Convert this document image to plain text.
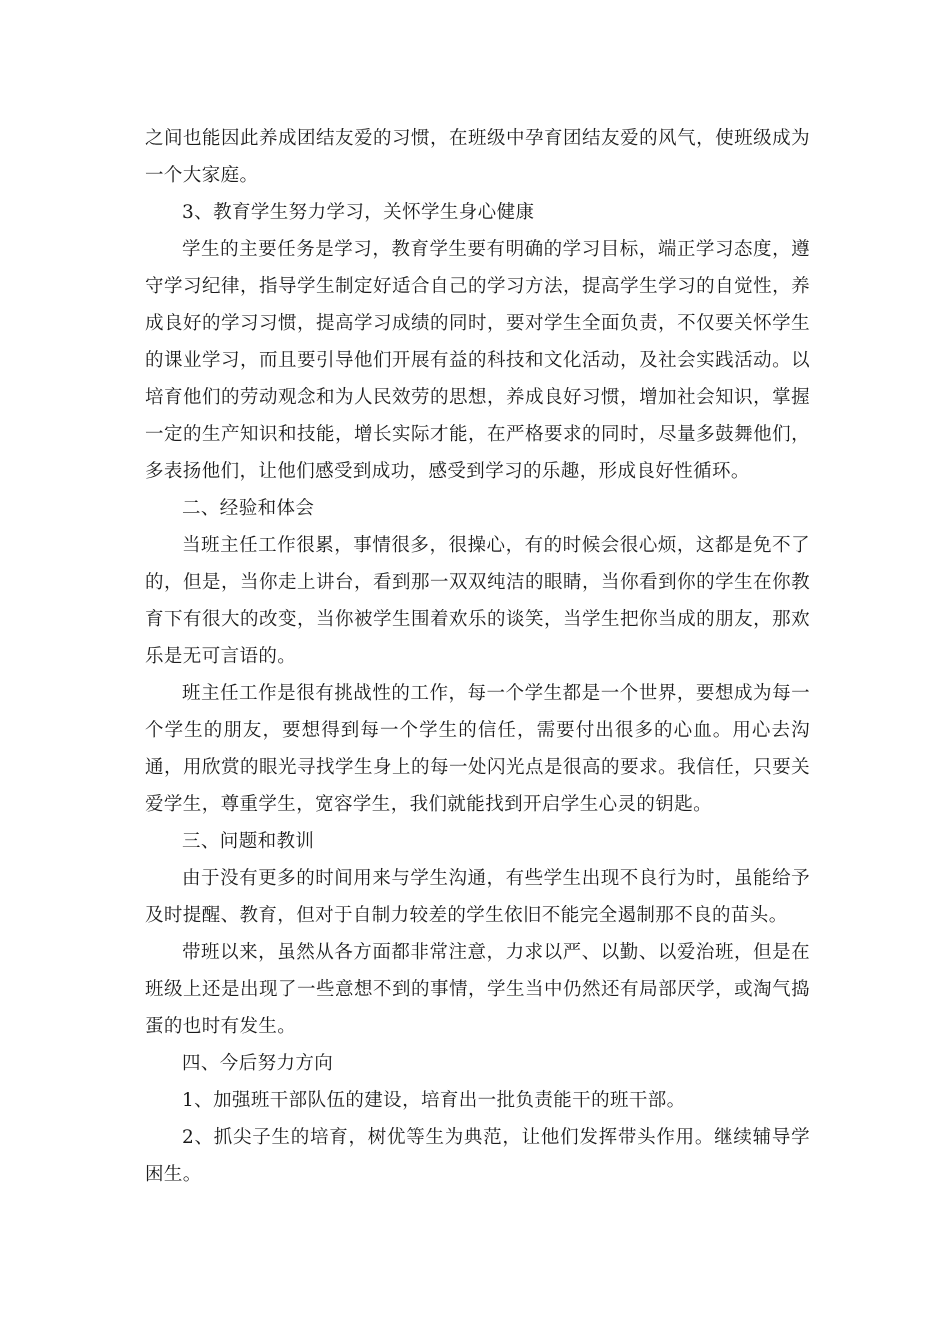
之间也能因此养成团结友爱的习惯，在班级中孕育团结友爱的风气，使班级成为一个大家庭。

3、教育学生努力学习，关怀学生身心健康

学生的主要任务是学习，教育学生要有明确的学习目标，端正学习态度，遵守学习纪律，指导学生制定好适合自己的学习方法，提高学生学习的自觉性，养成良好的学习习惯，提高学习成绩的同时，要对学生全面负责，不仅要关怀学生的课业学习，而且要引导他们开展有益的科技和文化活动，及社会实践活动。以培育他们的劳动观念和为人民效劳的思想，养成良好习惯，增加社会知识，掌握一定的生产知识和技能，增长实际才能，在严格要求的同时，尽量多鼓舞他们，多表扬他们，让他们感受到成功，感受到学习的乐趣，形成良好性循环。

二、经验和体会

当班主任工作很累，事情很多，很操心，有的时候会很心烦，这都是免不了的，但是，当你走上讲台，看到那一双双纯洁的眼睛，当你看到你的学生在你教育下有很大的改变，当你被学生围着欢乐的谈笑，当学生把你当成的朋友，那欢乐是无可言语的。

班主任工作是很有挑战性的工作，每一个学生都是一个世界，要想成为每一个学生的朋友，要想得到每一个学生的信任，需要付出很多的心血。用心去沟通，用欣赏的眼光寻找学生身上的每一处闪光点是很高的要求。我信任，只要关爱学生，尊重学生，宽容学生，我们就能找到开启学生心灵的钥匙。

三、问题和教训

由于没有更多的时间用来与学生沟通，有些学生出现不良行为时，虽能给予及时提醒、教育，但对于自制力较差的学生依旧不能完全遏制那不良的苗头。

带班以来，虽然从各方面都非常注意，力求以严、以勤、以爱治班，但是在班级上还是出现了一些意想不到的事情，学生当中仍然还有局部厌学，或淘气捣蛋的也时有发生。

四、今后努力方向

1、加强班干部队伍的建设，培育出一批负责能干的班干部。

2、抓尖子生的培育，树优等生为典范，让他们发挥带头作用。继续辅导学困生。
